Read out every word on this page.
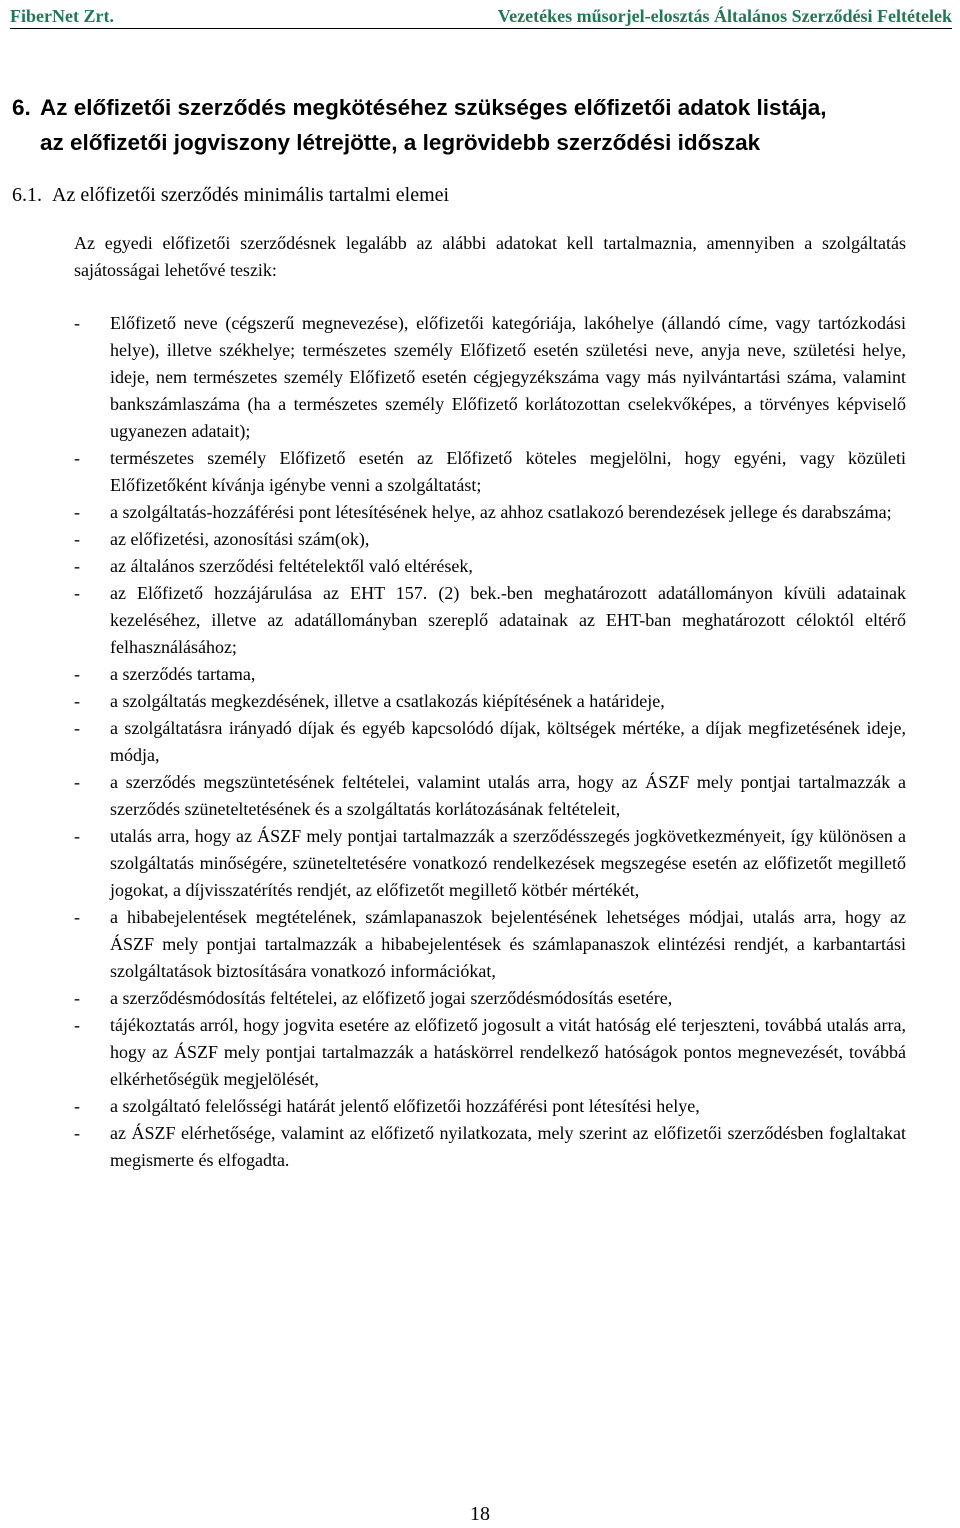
FiberNet Zrt.	Vezetékes műsorjel-elosztás Általános Szerződési Feltételek
6. Az előfizetői szerződés megkötéséhez szükséges előfizetői adatok listája,
az előfizetői jogviszony létrejötte, a legrövidebb szerződési időszak
6.1. Az előfizetői szerződés minimális tartalmi elemei

Az egyedi előfizetői szerződésnek legalább az alábbi adatokat kell tartalmaznia, amennyiben a szolgáltatás sajátosságai lehetővé teszik:

- Előfizető neve (cégszerű megnevezése), előfizetői kategóriája, lakóhelye (állandó címe, vagy tartózkodási helye), illetve székhelye; természetes személy Előfizető esetén születési neve, anyja neve, születési helye, ideje, nem természetes személy Előfizető esetén cégjegyzékszáma vagy más nyilvántartási száma, valamint bankszámlaszáma (ha a természetes személy Előfizető korlátozottan cselekvőképes, a törvényes képviselő ugyanezen adatait);
- természetes személy Előfizető esetén az Előfizető köteles megjelölni, hogy egyéni, vagy közületi Előfizetőként kívánja igénybe venni a szolgáltatást;
- a szolgáltatás-hozzáférési pont létesítésének helye, az ahhoz csatlakozó berendezések jellege és darabszáma;
- az előfizetési, azonosítási szám(ok),
- az általános szerződési feltételektől való eltérések,
- az Előfizető hozzájárulása az EHT 157. (2) bek.-ben meghatározott adatállományon kívüli adatainak kezeléséhez, illetve az adatállományban szereplő adatainak az EHT-ban meghatározott céloktól eltérő felhasználásához;
- a szerződés tartama,
- a szolgáltatás megkezdésének, illetve a csatlakozás kiépítésének a határideje,
- a szolgáltatásra irányadó díjak és egyéb kapcsolódó díjak, költségek mértéke, a díjak megfizetésének ideje, módja,
- a szerződés megszüntetésének feltételei, valamint utalás arra, hogy az ÁSZF mely pontjai tartalmazzák a szerződés szüneteltetésének és a szolgáltatás korlátozásának feltételeit,
- utalás arra, hogy az ÁSZF mely pontjai tartalmazzák a szerződésszegés jogkövetkezményeit, így különösen a szolgáltatás minőségére, szüneteltetésére vonatkozó rendelkezések megszegése esetén az előfizetőt megillető jogokat, a díjvisszatérítés rendjét, az előfizetőt megillető kötbér mértékét,
- a hibabejelentések megtételének, számlapanaszok bejelentésének lehetséges módjai, utalás arra, hogy az ÁSZF mely pontjai tartalmazzák a hibabejelentések és számlapanaszok elintézési rendjét, a karbantartási szolgáltatások biztosítására vonatkozó információkat,
- a szerződésmódosítás feltételei, az előfizető jogai szerződésmódosítás esetére,
- tájékoztatás arról, hogy jogvita esetére az előfizető jogosult a vitát hatóság elé terjeszteni, továbbá utalás arra, hogy az ÁSZF mely pontjai tartalmazzák a hatáskörrel rendelkező hatóságok pontos megnevezését, továbbá elkérhetőségük megjelölését,
- a szolgáltató felelősségi határát jelentő előfizetői hozzáférési pont létesítési helye,
- az ÁSZF elérhetősége, valamint az előfizető nyilatkozata, mely szerint az előfizetői szerződésben foglaltakat megismerte és elfogadta.
18
